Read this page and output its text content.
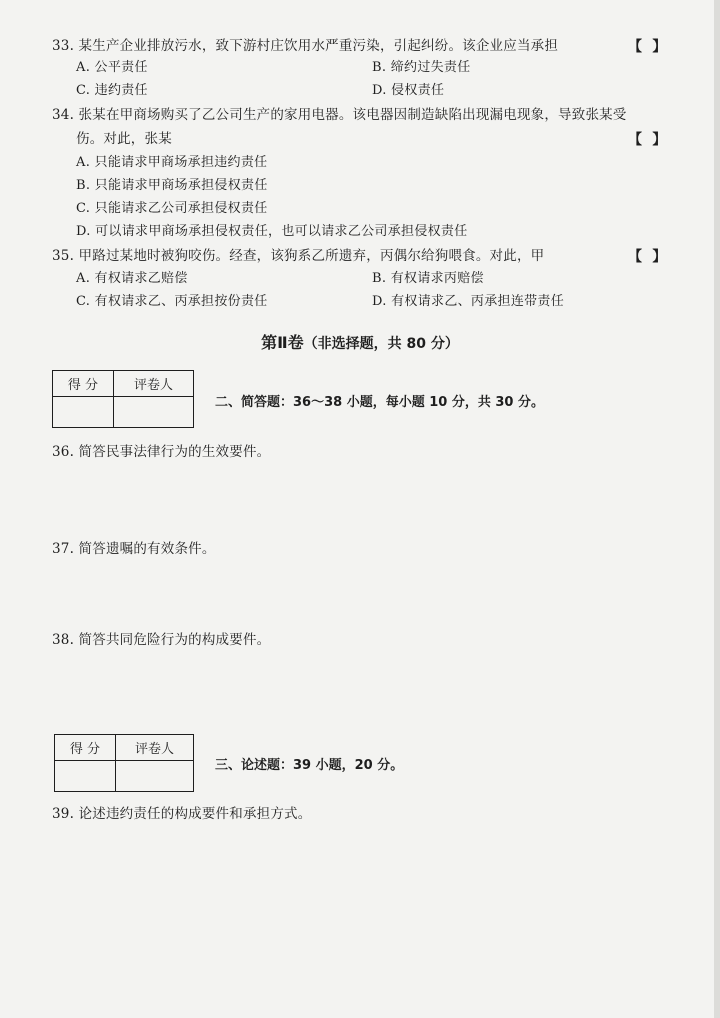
33. 某生产企业排放污水，致下游村庄饮用水严重污染，引起纠纷。该企业应当承担	【 】
A. 公平责任	B. 缔约过失责任
C. 违约责任	D. 侵权责任
34. 张某在甲商场购买了乙公司生产的家用电器。该电器因制造缺陷出现漏电现象，导致张某受
伤。对此，张某	【 】
A. 只能请求甲商场承担违约责任
B. 只能请求甲商场承担侵权责任
C. 只能请求乙公司承担侵权责任
D. 可以请求甲商场承担侵权责任，也可以请求乙公司承担侵权责任
35. 甲路过某地时被狗咬伤。经查，该狗系乙所遗弃，丙偶尔给狗喂食。对此，甲	【 】
A. 有权请求乙赔偿	B. 有权请求丙赔偿
C. 有权请求乙、丙承担按份责任	D. 有权请求乙、丙承担连带责任
第Ⅱ卷（非选择题，共 80 分）
得 分	评卷人

二、简答题：36～38 小题，每小题 10 分，共 30 分。
36. 简答民事法律行为的生效要件。
37. 简答遗嘱的有效条件。
38. 简答共同危险行为的构成要件。
得 分	评卷人

三、论述题：39 小题，20 分。
39. 论述违约责任的构成要件和承担方式。
